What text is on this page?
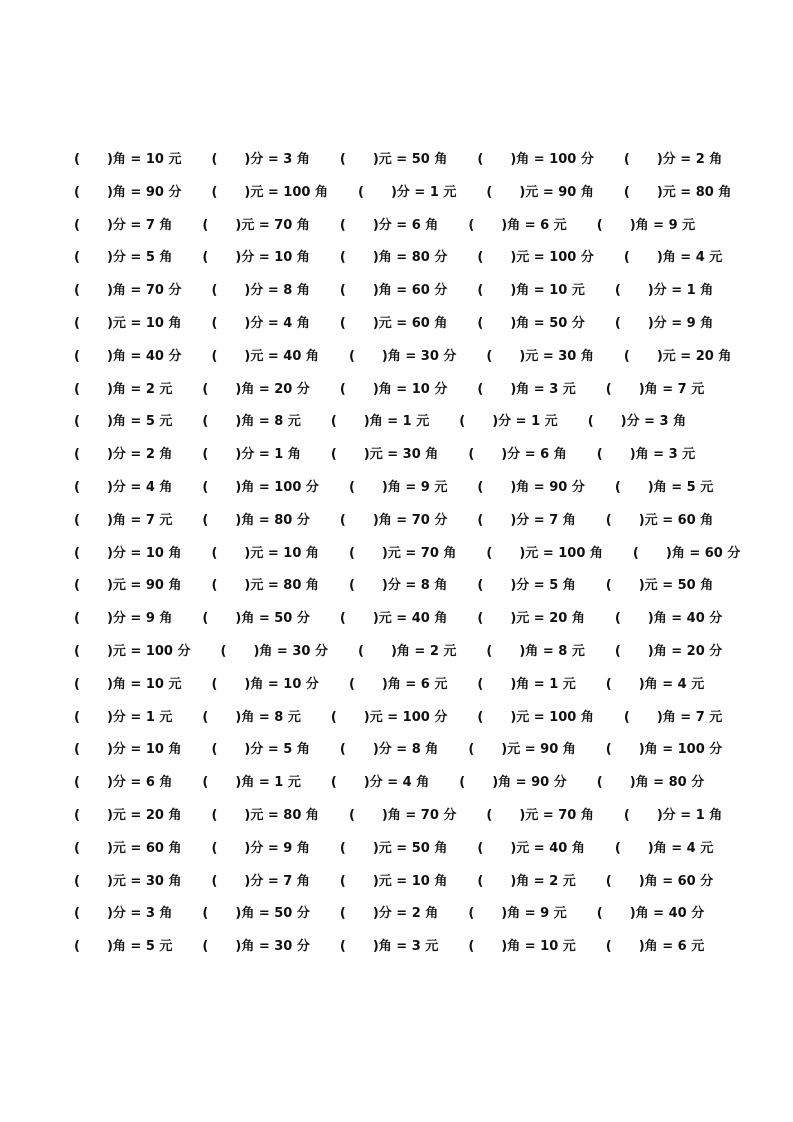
( )角 = 10 元 ( )分 = 3 角 ( )元 = 50 角 ( )角 = 100 分 ( )分 = 2 角
( )角 = 90 分 ( )元 = 100 角 ( )分 = 1 元 ( )元 = 90 角 ( )元 = 80 角
( )分 = 7 角 ( )元 = 70 角 ( )分 = 6 角 ( )角 = 6 元 ( )角 = 9 元
( )分 = 5 角 ( )分 = 10 角 ( )角 = 80 分 ( )元 = 100 分 ( )角 = 4 元
( )角 = 70 分 ( )分 = 8 角 ( )角 = 60 分 ( )角 = 10 元 ( )分 = 1 角
( )元 = 10 角 ( )分 = 4 角 ( )元 = 60 角 ( )角 = 50 分 ( )分 = 9 角
( )角 = 40 分 ( )元 = 40 角 ( )角 = 30 分 ( )元 = 30 角 ( )元 = 20 角
( )角 = 2 元 ( )角 = 20 分 ( )角 = 10 分 ( )角 = 3 元 ( )角 = 7 元
( )角 = 5 元 ( )角 = 8 元 ( )角 = 1 元 ( )分 = 1 元 ( )分 = 3 角
( )分 = 2 角 ( )分 = 1 角 ( )元 = 30 角 ( )分 = 6 角 ( )角 = 3 元
( )分 = 4 角 ( )角 = 100 分 ( )角 = 9 元 ( )角 = 90 分 ( )角 = 5 元
( )角 = 7 元 ( )角 = 80 分 ( )角 = 70 分 ( )分 = 7 角 ( )元 = 60 角
( )分 = 10 角 ( )元 = 10 角 ( )元 = 70 角 ( )元 = 100 角 ( )角 = 60 分
( )元 = 90 角 ( )元 = 80 角 ( )分 = 8 角 ( )分 = 5 角 ( )元 = 50 角
( )分 = 9 角 ( )角 = 50 分 ( )元 = 40 角 ( )元 = 20 角 ( )角 = 40 分
( )元 = 100 分 ( )角 = 30 分 ( )角 = 2 元 ( )角 = 8 元 ( )角 = 20 分
( )角 = 10 元 ( )角 = 10 分 ( )角 = 6 元 ( )角 = 1 元 ( )角 = 4 元
( )分 = 1 元 ( )角 = 8 元 ( )元 = 100 分 ( )元 = 100 角 ( )角 = 7 元
( )分 = 10 角 ( )分 = 5 角 ( )分 = 8 角 ( )元 = 90 角 ( )角 = 100 分
( )分 = 6 角 ( )角 = 1 元 ( )分 = 4 角 ( )角 = 90 分 ( )角 = 80 分
( )元 = 20 角 ( )元 = 80 角 ( )角 = 70 分 ( )元 = 70 角 ( )分 = 1 角
( )元 = 60 角 ( )分 = 9 角 ( )元 = 50 角 ( )元 = 40 角 ( )角 = 4 元
( )元 = 30 角 ( )分 = 7 角 ( )元 = 10 角 ( )角 = 2 元 ( )角 = 60 分
( )分 = 3 角 ( )角 = 50 分 ( )分 = 2 角 ( )角 = 9 元 ( )角 = 40 分
( )角 = 5 元 ( )角 = 30 分 ( )角 = 3 元 ( )角 = 10 元 ( )角 = 6 元
